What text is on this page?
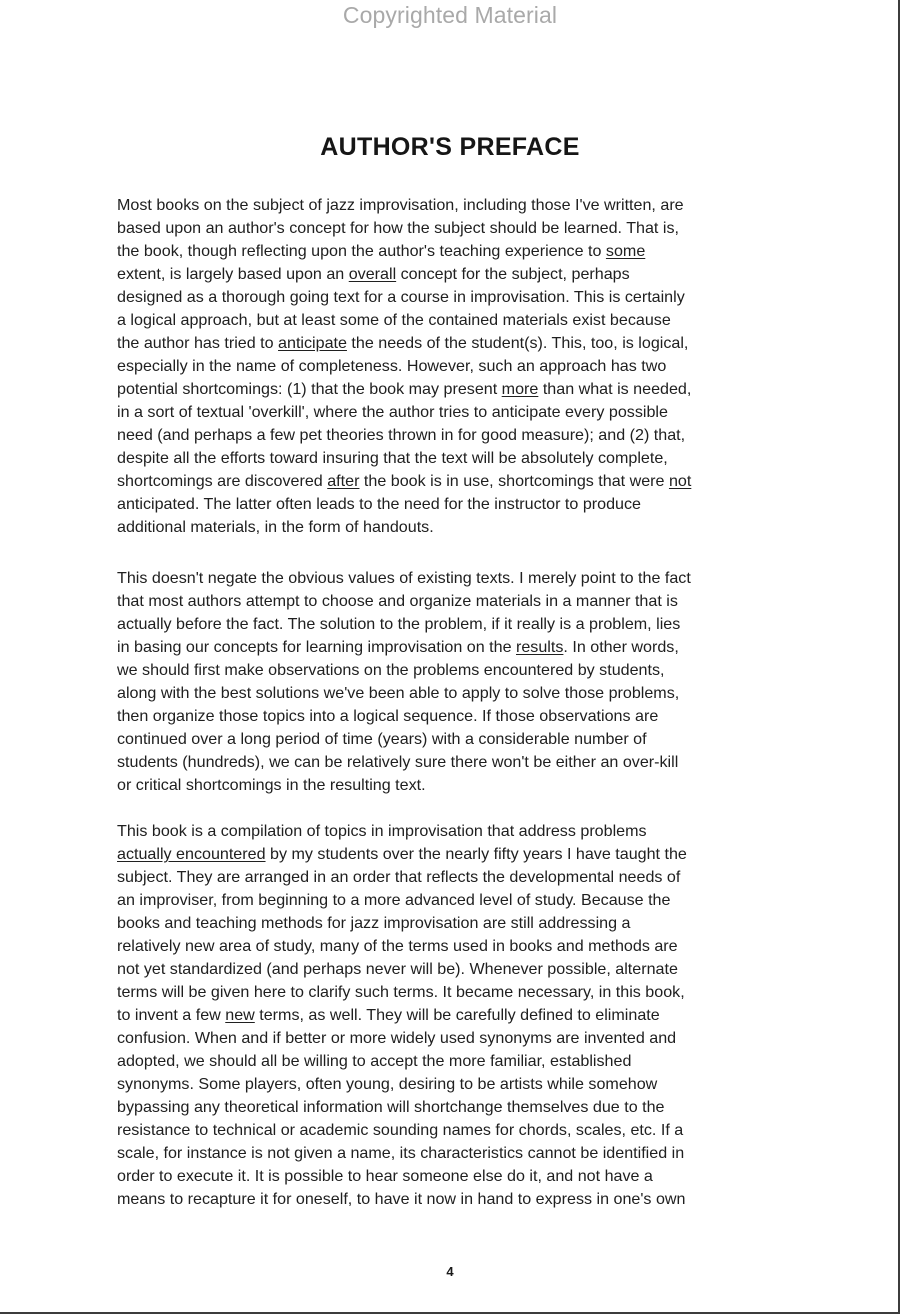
Copyrighted Material
AUTHOR'S PREFACE
Most books on the subject of jazz improvisation, including those I've written, are
based upon an author's concept for how the subject should be learned. That is,
the book, though reflecting upon the author's teaching experience to some
extent, is largely based upon an overall concept for the subject, perhaps
designed as a thorough going text for a course in improvisation. This is certainly
a logical approach, but at least some of the contained materials exist because
the author has tried to anticipate the needs of the student(s). This, too, is logical,
especially in the name of completeness. However, such an approach has two
potential shortcomings: (1) that the book may present more than what is needed,
in a sort of textual 'overkill', where the author tries to anticipate every possible
need (and perhaps a few pet theories thrown in for good measure); and (2) that,
despite all the efforts toward insuring that the text will be absolutely complete,
shortcomings are discovered after the book is in use, shortcomings that were not
anticipated. The latter often leads to the need for the instructor to produce
additional materials, in the form of handouts.
This doesn't negate the obvious values of existing texts. I merely point to the fact
that most authors attempt to choose and organize materials in a manner that is
actually before the fact. The solution to the problem, if it really is a problem, lies
in basing our concepts for learning improvisation on the results. In other words,
we should first make observations on the problems encountered by students,
along with the best solutions we've been able to apply to solve those problems,
then organize those topics into a logical sequence. If those observations are
continued over a long period of time (years) with a considerable number of
students (hundreds), we can be relatively sure there won't be either an over-kill
or critical shortcomings in the resulting text.
This book is a compilation of topics in improvisation that address problems
actually encountered by my students over the nearly fifty years I have taught the
subject. They are arranged in an order that reflects the developmental needs of
an improviser, from beginning to a more advanced level of study. Because the
books and teaching methods for jazz improvisation are still addressing a
relatively new area of study, many of the terms used in books and methods are
not yet standardized (and perhaps never will be). Whenever possible, alternate
terms will be given here to clarify such terms. It became necessary, in this book,
to invent a few new terms, as well. They will be carefully defined to eliminate
confusion. When and if better or more widely used synonyms are invented and
adopted, we should all be willing to accept the more familiar, established
synonyms. Some players, often young, desiring to be artists while somehow
bypassing any theoretical information will shortchange themselves due to the
resistance to technical or academic sounding names for chords, scales, etc. If a
scale, for instance is not given a name, its characteristics cannot be identified in
order to execute it. It is possible to hear someone else do it, and not have a
means to recapture it for oneself, to have it now in hand to express in one's own
4
